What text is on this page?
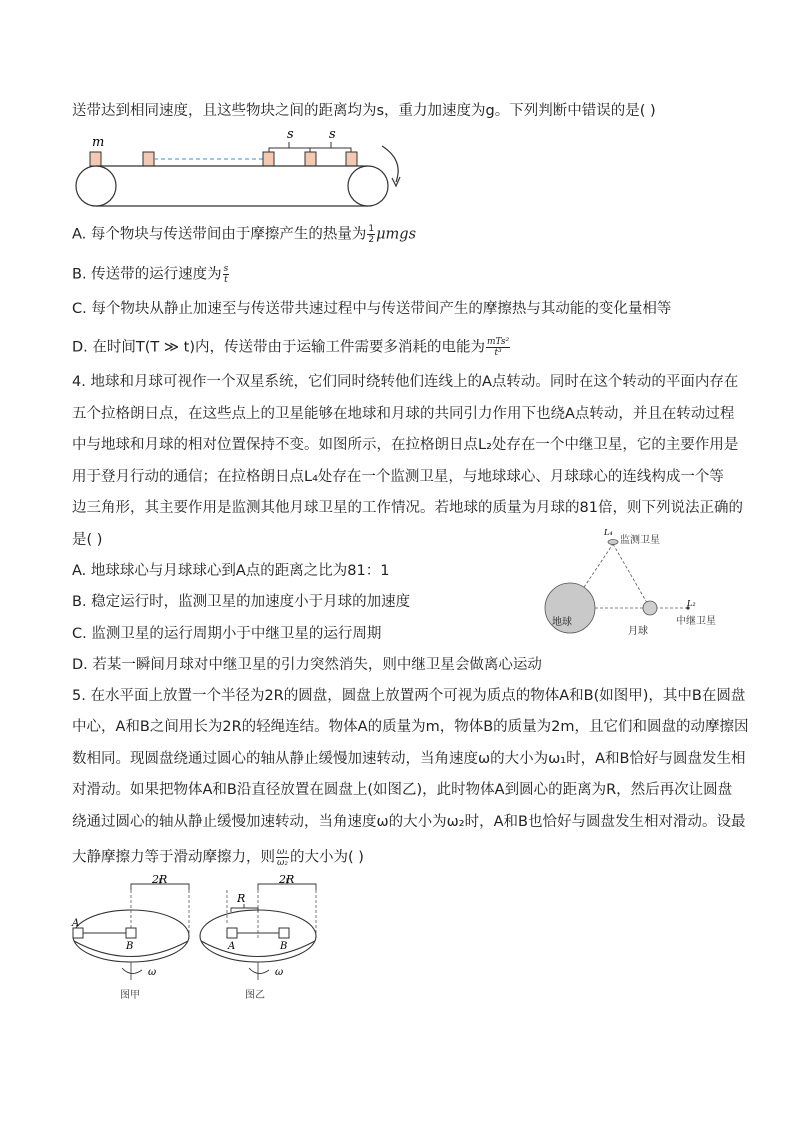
送带达到相同速度，且这些物块之间的距离均为s，重力加速度为g。下列判断中错误的是( )
m
s	s
A. 每个物块与传送带间由于摩擦产生的热量为 $\frac{1}{2}$ μmgs
B. 传送带的运行速度为 $\frac{s}{t}$
C. 每个物块从静止加速至与传送带共速过程中与传送带间产生的摩擦热与其动能的变化量相等
D. 在时间T(T ≫ t)内，传送带由于运输工件需要多消耗的电能为 $\frac{\text{mTs²}}{\text{t³}}$
4. 地球和月球可视作一个双星系统，它们同时绕转他们连线上的A点转动。同时在这个转动的平面内存在
五个拉格朗日点，在这些点上的卫星能够在地球和月球的共同引力作用下也绕A点转动，并且在转动过程
中与地球和月球的相对位置保持不变。如图所示，在拉格朗日点L₂处存在一个中继卫星，它的主要作用是
用于登月行动的通信；在拉格朗日点L₄处存在一个监测卫星，与地球球心、月球球心的连线构成一个等
边三角形，其主要作用是监测其他月球卫星的工作情况。若地球的质量为月球的81倍，则下列说法正确的
是( )
A. 地球球心与月球球心到A点的距离之比为81：1
B. 稳定运行时，监测卫星的加速度小于月球的加速度
C. 监测卫星的运行周期小于中继卫星的运行周期
D. 若某一瞬间月球对中继卫星的引力突然消失，则中继卫星会做离心运动
L₄
监测卫星
地球
月球
L₂
中继卫星
5. 在水平面上放置一个半径为2R的圆盘，圆盘上放置两个可视为质点的物体A和B(如图甲)，其中B在圆盘
中心，A和B之间用长为2R的轻绳连结。物体A的质量为m，物体B的质量为2m，且它们和圆盘的动摩擦因
数相同。现圆盘绕通过圆心的轴从静止缓慢加速转动，当角速度ω的大小为ω₁时，A和B恰好与圆盘发生相
对滑动。如果把物体A和B沿直径放置在圆盘上(如图乙)，此时物体A到圆心的距离为R，然后再次让圆盘
绕通过圆心的轴从静止缓慢加速转动，当角速度ω的大小为ω₂时，A和B也恰好与圆盘发生相对滑动。设最
大静摩擦力等于滑动摩擦力，则 $\frac{\text{ω₁}}{\text{ω₂}}$ 的大小为( )
2R
A
B
ω
图甲
R
2R
A	B
ω
图乙
